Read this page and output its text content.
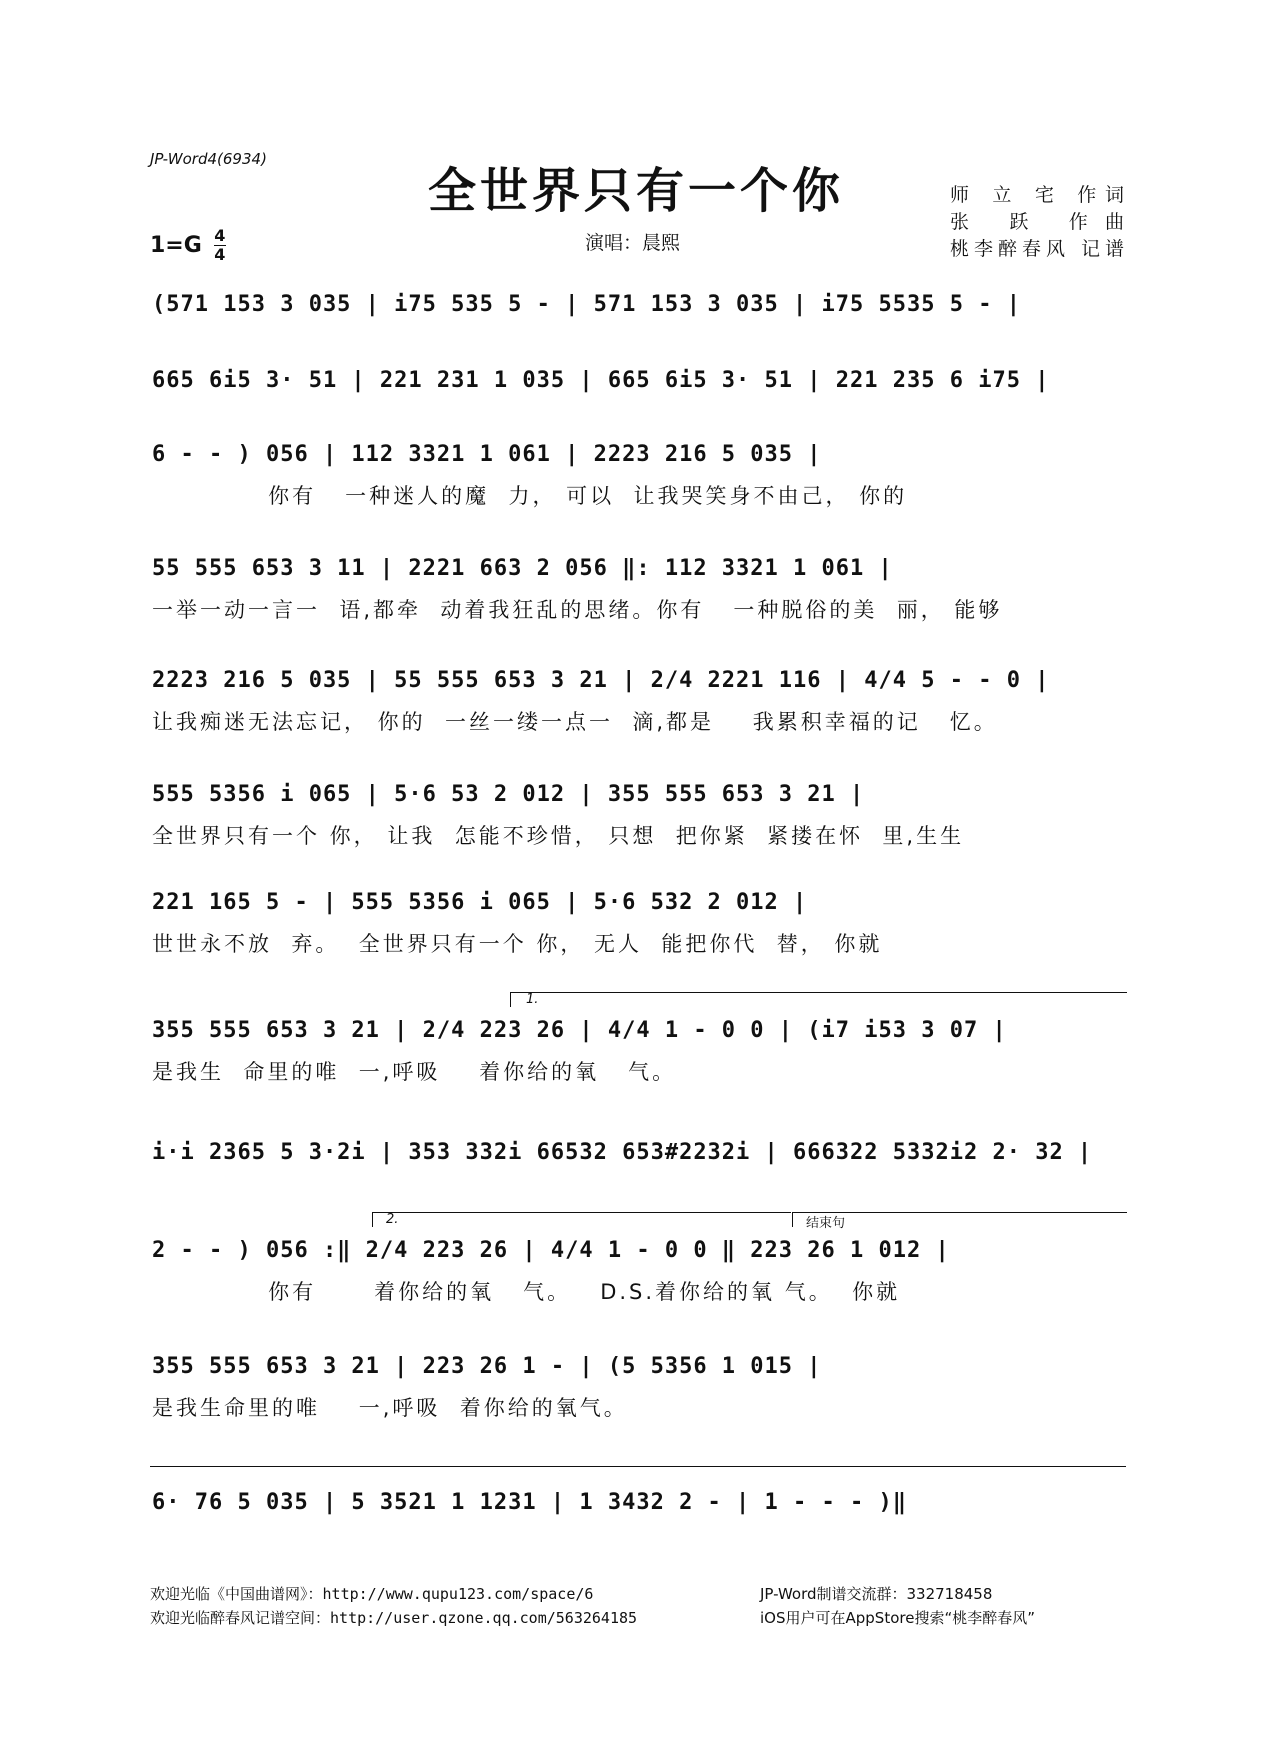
JP-Word4(6934)
全世界只有一个你	师 立 宅 作词
张 跃 作曲
桃李醉春风 记谱
1=G 4
4
演唱：晨熙
(571 153 3 035 | i75 535 5 - | 571 153 3 035 | i75 5535 5 - |
665 6i5 3· 51 | 221 231 1 035 | 665 6i5 3· 51 | 221 235 6 i75 |
6 - - ) 056 | 112 3321 1 061 | 2223 216 5 035 |
你有   一种迷人的魔  力， 可以  让我哭笑身不由己， 你的
55 555 653 3 11 | 2221 663 2 056 ‖: 112 3321 1 061 |
一举一动一言一  语,都牵  动着我狂乱的思绪。你有   一种脱俗的美  丽， 能够
2223 216 5 035 | 55 555 653 3 21 | 2/4 2221 116 | 4/4 5 - - 0 |
让我痴迷无法忘记， 你的  一丝一缕一点一  滴,都是    我累积幸福的记   忆。
555 5356 i 065 | 5·6 53 2 012 | 355 555 653 3 21 |
全世界只有一个 你， 让我  怎能不珍惜， 只想  把你紧  紧搂在怀  里,生生
221 165 5 - | 555 5356 i 065 | 5·6 532 2 012 |
世世永不放  弃。  全世界只有一个 你， 无人  能把你代  替， 你就
1.
355 555 653 3 21 | 2/4 223 26 | 4/4 1 - 0 0 | (i7 i53 3 07 |
是我生  命里的唯  一,呼吸    着你给的氧   气。
i·i 2365 5 3·2i | 353 332i 66532 653#2232i | 666322 5332i2 2· 32 |
2.	结束句
2 - - ) 056 :‖ 2/4 223 26 | 4/4 1 - 0 0 ‖ 223 26 1 012 |
你有      着你给的氧   气。   D.S.着你给的氧 气。  你就
355 555 653 3 21 | 223 26 1 - | (5 5356 1 015 |
是我生命里的唯    一,呼吸  着你给的氧气。
6· 76 5 035 | 5 3521 1 1231 | 1 3432 2 - | 1 - - - )‖
欢迎光临《中国曲谱网》：http://www.qupu123.com/space/6
欢迎光临醉春风记谱空间：http://user.qzone.qq.com/563264185
JP-Word制谱交流群：332718458
iOS用户可在AppStore搜索“桃李醉春风”
